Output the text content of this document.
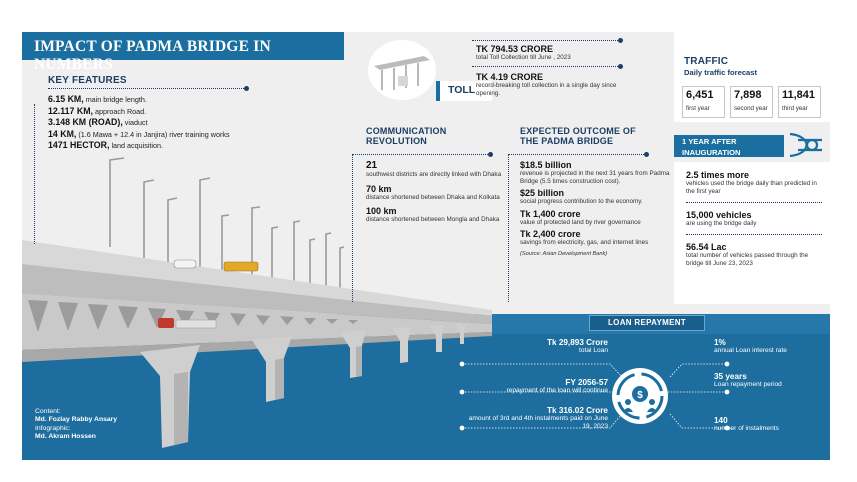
$
IMPACT OF PADMA BRIDGE IN NUMBERS
KEY FEATURES
6.15 KM, main bridge length.
12.117 KM, approach Road.
3.148 KM (ROAD), viaduct
14 KM, (1.6 Mawa + 12.4 in Janjira) river training works
1471 HECTOR, land acquisition.
TOLL
TK 794.53 CRORE
total Toll Collection till June , 2023
TK 4.19 CRORE
record-breaking toll collection in a single day since opening.
TRAFFIC
Daily traffic forecast
6,451
first year
7,898
second year
11,841
third year
COMMUNICATION
REVOLUTION
21
southwest districts are directly linked with Dhaka
70 km
distance shortened between Dhaka and Kolkata
100 km
distance shortened between Mongla and Dhaka
EXPECTED OUTCOME OF
THE PADMA BRIDGE
$18.5 billion
revenue is projected in the next 31 years from Padma Bridge (5.5 times construction cost).
$25 billion
social progress contribution to the economy.
Tk 1,400 crore
value of protected land by river governance
Tk 2,400 crore
savings from electricity, gas, and internet lines
(Source: Asian Development Bank)
1 YEAR AFTER
INAUGURATION
2.5 times more
vehicles used the bridge daily than predicted in the first year
15,000 vehicles
are using the bridge daily
56.54 Lac
total number of vehicles passed through the bridge till June 23, 2023
LOAN REPAYMENT
Tk 29,893 Crore
total Loan
FY 2056-57
repayment of the loan will continue
Tk 316.02 Crore
amount of 3rd and 4th instalments paid on June 19, 2023
1%
annual Loan interest rate
35 years
Loan repayment period
140
number of instalments
Content:
Md. Fozlay Rabby Ansary
Infographic:
Md. Akram Hossen
